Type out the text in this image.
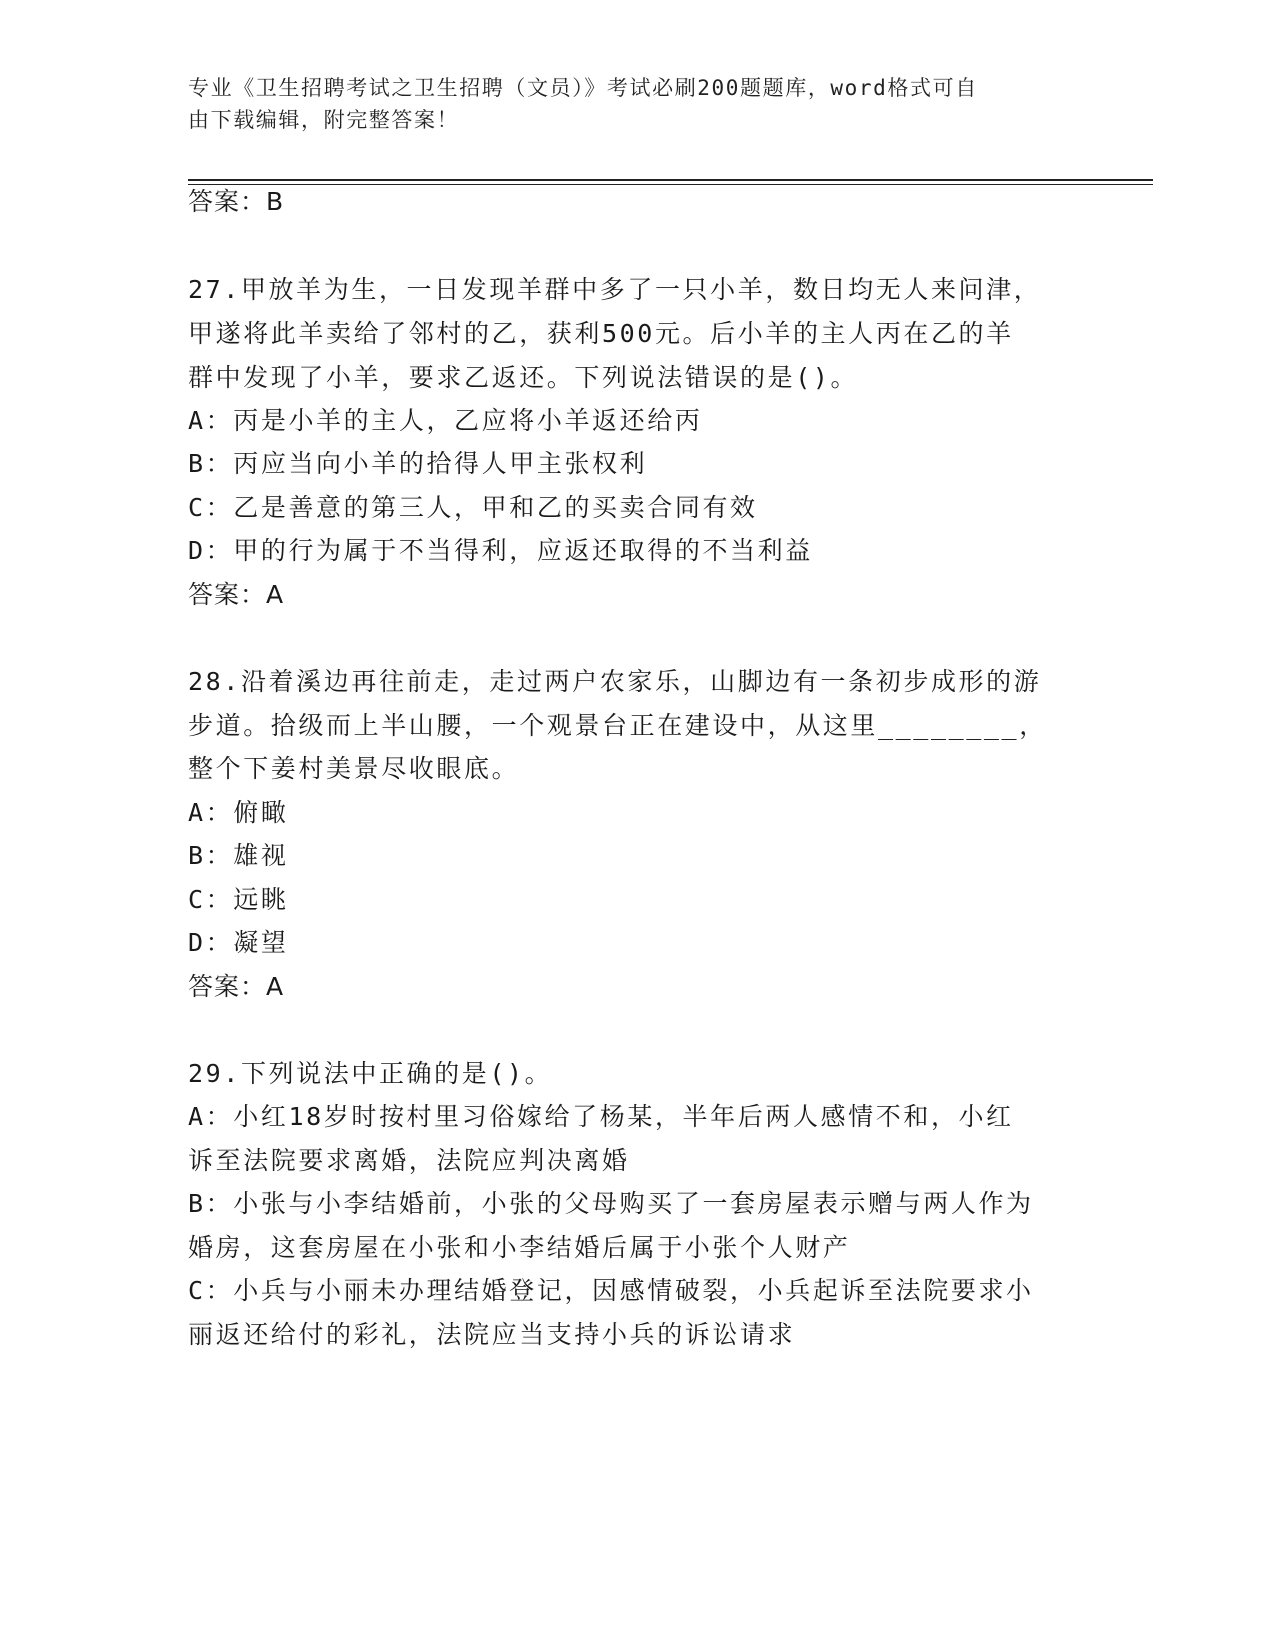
专业《卫生招聘考试之卫生招聘（文员）》考试必刷200题题库，word格式可自
由下载编辑，附完整答案！
答案：B
27.甲放羊为生，一日发现羊群中多了一只小羊，数日均无人来问津，
甲遂将此羊卖给了邻村的乙，获利500元。后小羊的主人丙在乙的羊
群中发现了小羊，要求乙返还。下列说法错误的是()。
A：丙是小羊的主人，乙应将小羊返还给丙
B：丙应当向小羊的拾得人甲主张权利
C：乙是善意的第三人，甲和乙的买卖合同有效
D：甲的行为属于不当得利，应返还取得的不当利益
答案：A
28.沿着溪边再往前走，走过两户农家乐，山脚边有一条初步成形的游
步道。拾级而上半山腰，一个观景台正在建设中，从这里________，
整个下姜村美景尽收眼底。
A：俯瞰
B：雄视
C：远眺
D：凝望
答案：A
29.下列说法中正确的是()。
A：小红18岁时按村里习俗嫁给了杨某，半年后两人感情不和，小红
诉至法院要求离婚，法院应判决离婚
B：小张与小李结婚前，小张的父母购买了一套房屋表示赠与两人作为
婚房，这套房屋在小张和小李结婚后属于小张个人财产
C：小兵与小丽未办理结婚登记，因感情破裂，小兵起诉至法院要求小
丽返还给付的彩礼，法院应当支持小兵的诉讼请求
